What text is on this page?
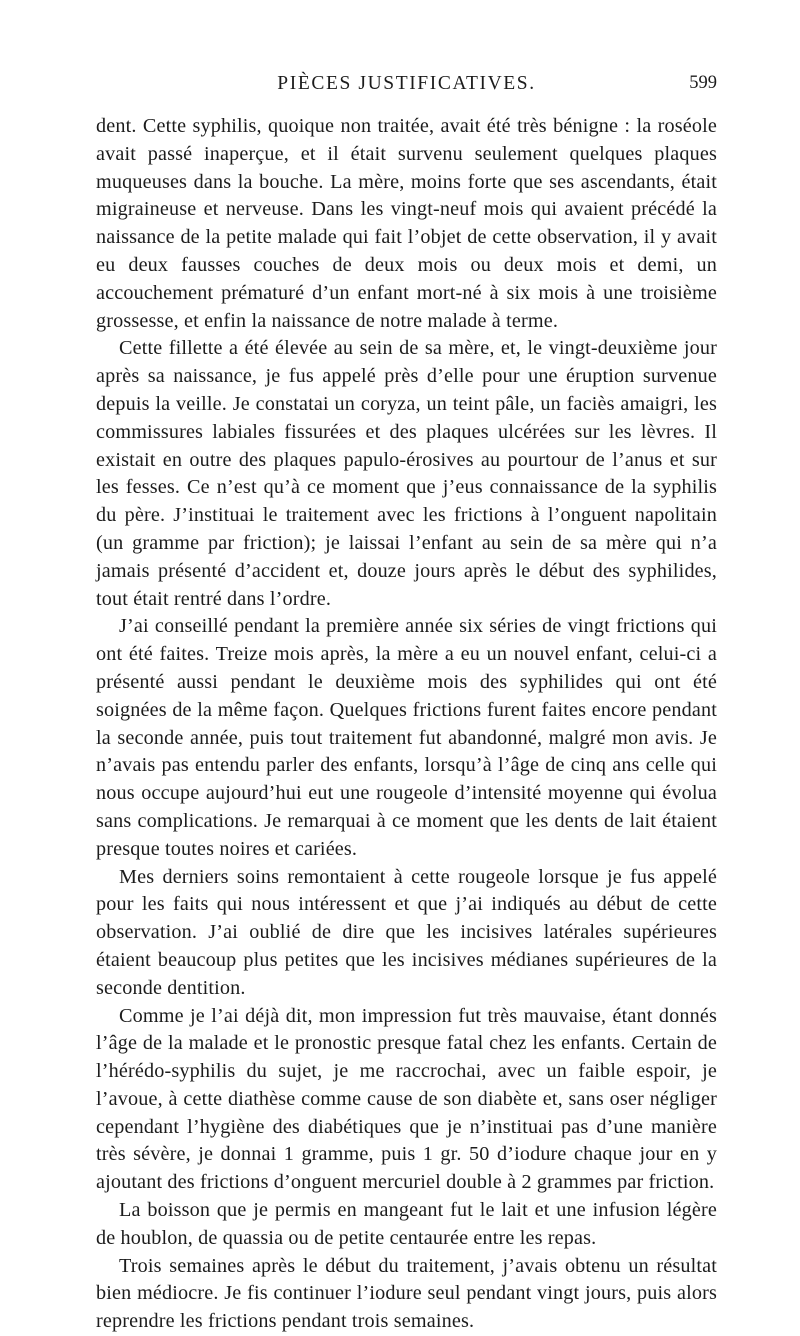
PIÈCES JUSTIFICATIVES.	599

dent. Cette syphilis, quoique non traitée, avait été très bénigne : la roséole avait passé inaperçue, et il était survenu seulement quelques plaques muqueuses dans la bouche. La mère, moins forte que ses ascendants, était migraineuse et nerveuse. Dans les vingt-neuf mois qui avaient précédé la naissance de la petite malade qui fait l’objet de cette observation, il y avait eu deux fausses couches de deux mois ou deux mois et demi, un accouchement prématuré d’un enfant mort-né à six mois à une troisième grossesse, et enfin la naissance de notre malade à terme.

Cette fillette a été élevée au sein de sa mère, et, le vingt-deuxième jour après sa naissance, je fus appelé près d’elle pour une éruption survenue depuis la veille. Je constatai un coryza, un teint pâle, un faciès amaigri, les commissures labiales fissurées et des plaques ulcérées sur les lèvres. Il existait en outre des plaques papulo-érosives au pourtour de l’anus et sur les fesses. Ce n’est qu’à ce moment que j’eus connaissance de la syphilis du père. J’instituai le traitement avec les frictions à l’onguent napolitain (un gramme par friction); je laissai l’enfant au sein de sa mère qui n’a jamais présenté d’accident et, douze jours après le début des syphilides, tout était rentré dans l’ordre.

J’ai conseillé pendant la première année six séries de vingt frictions qui ont été faites. Treize mois après, la mère a eu un nouvel enfant, celui-ci a présenté aussi pendant le deuxième mois des syphilides qui ont été soignées de la même façon. Quelques frictions furent faites encore pendant la seconde année, puis tout traitement fut abandonné, malgré mon avis. Je n’avais pas entendu parler des enfants, lorsqu’à l’âge de cinq ans celle qui nous occupe aujourd’hui eut une rougeole d’intensité moyenne qui évolua sans complications. Je remarquai à ce moment que les dents de lait étaient presque toutes noires et cariées.

Mes derniers soins remontaient à cette rougeole lorsque je fus appelé pour les faits qui nous intéressent et que j’ai indiqués au début de cette observation. J’ai oublié de dire que les incisives latérales supérieures étaient beaucoup plus petites que les incisives médianes supérieures de la seconde dentition.

Comme je l’ai déjà dit, mon impression fut très mauvaise, étant donnés l’âge de la malade et le pronostic presque fatal chez les enfants. Certain de l’hérédo-syphilis du sujet, je me raccrochai, avec un faible espoir, je l’avoue, à cette diathèse comme cause de son diabète et, sans oser négliger cependant l’hygiène des diabétiques que je n’instituai pas d’une manière très sévère, je donnai 1 gramme, puis 1 gr. 50 d’iodure chaque jour en y ajoutant des frictions d’onguent mercuriel double à 2 grammes par friction.

La boisson que je permis en mangeant fut le lait et une infusion légère de houblon, de quassia ou de petite centaurée entre les repas.

Trois semaines après le début du traitement, j’avais obtenu un résultat bien médiocre. Je fis continuer l’iodure seul pendant vingt jours, puis alors reprendre les frictions pendant trois semaines.
